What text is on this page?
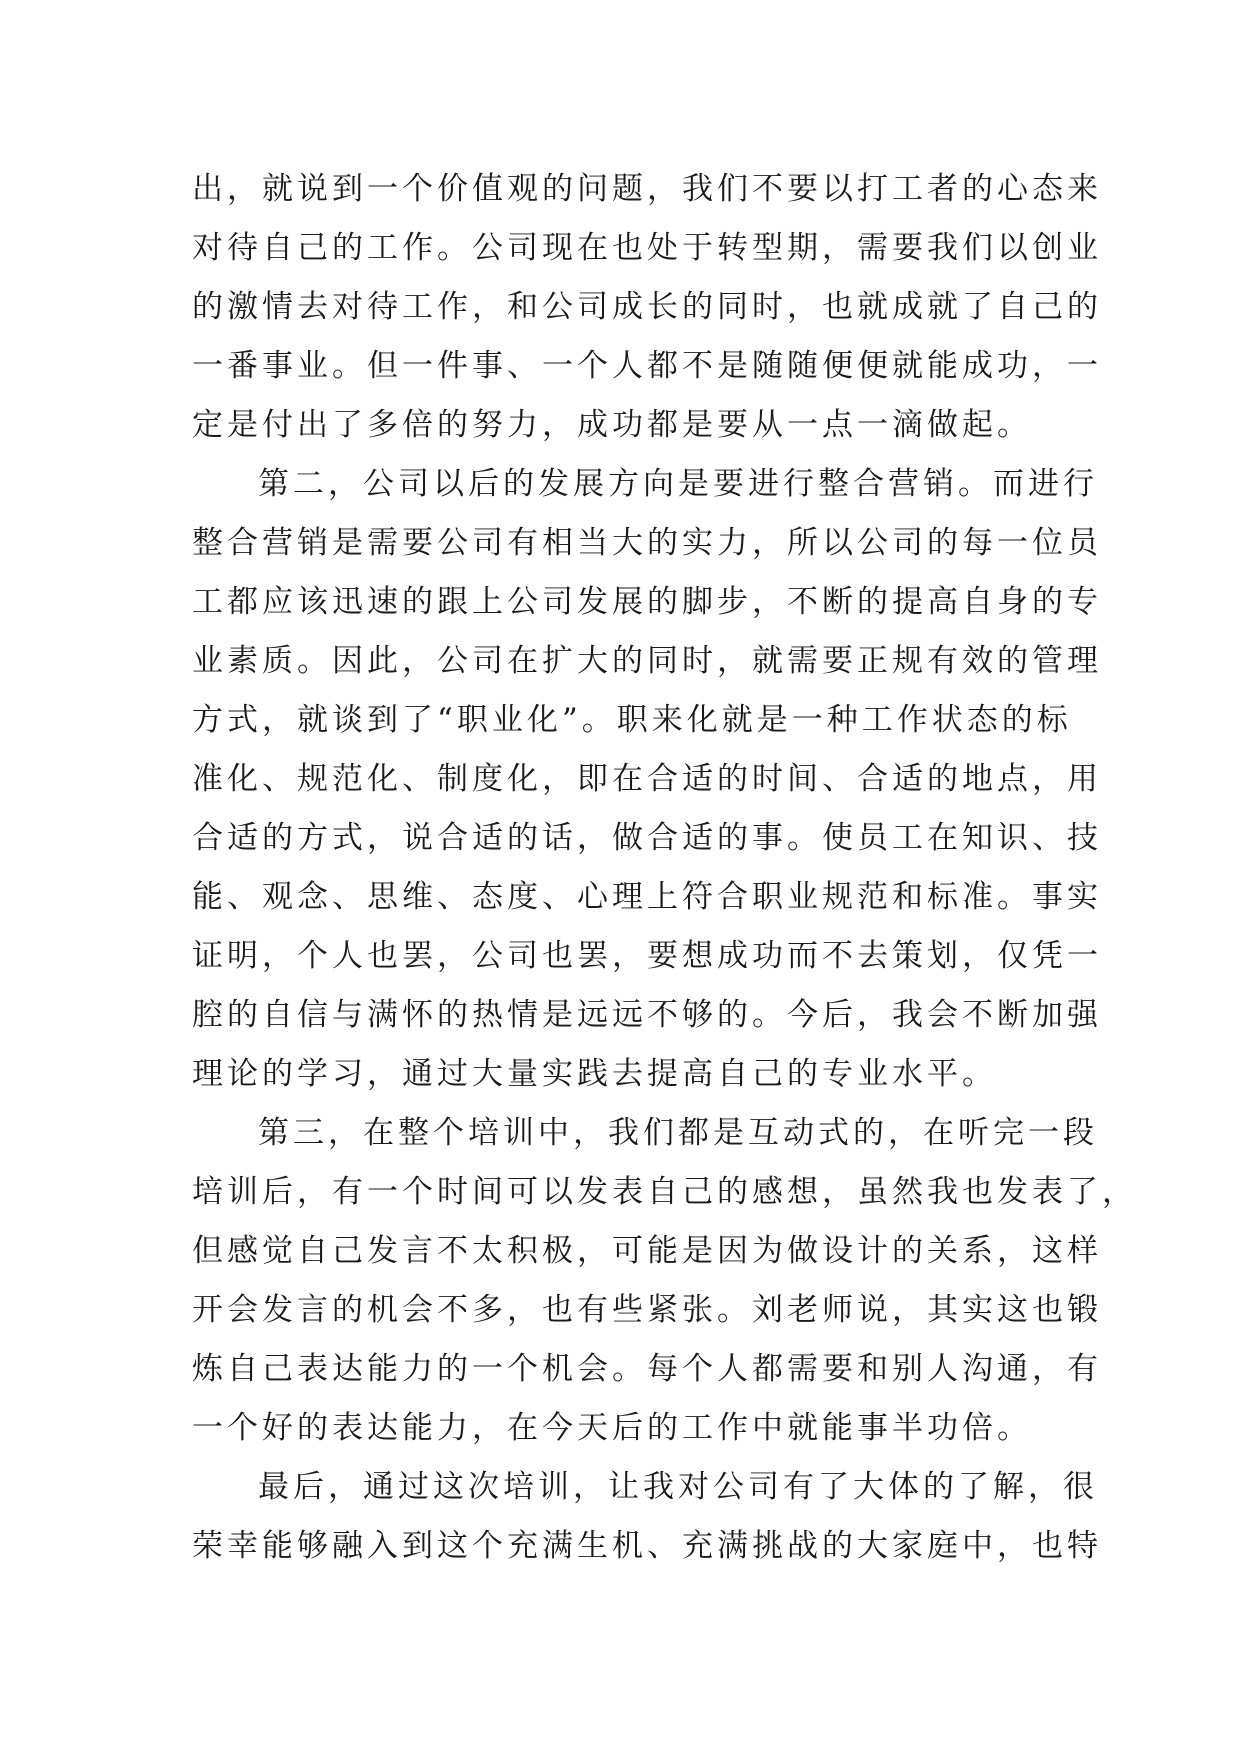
出，就说到一个价值观的问题，我们不要以打工者的心态来
对待自己的工作。公司现在也处于转型期，需要我们以创业
的激情去对待工作，和公司成长的同时，也就成就了自己的
一番事业。但一件事、一个人都不是随随便便就能成功，一
定是付出了多倍的努力，成功都是要从一点一滴做起。
第二，公司以后的发展方向是要进行整合营销。而进行
整合营销是需要公司有相当大的实力，所以公司的每一位员
工都应该迅速的跟上公司发展的脚步，不断的提高自身的专
业素质。因此，公司在扩大的同时，就需要正规有效的管理
方式，就谈到了“职业化”。职来化就是一种工作状态的标
准化、规范化、制度化，即在合适的时间、合适的地点，用
合适的方式，说合适的话，做合适的事。使员工在知识、技
能、观念、思维、态度、心理上符合职业规范和标准。事实
证明，个人也罢，公司也罢，要想成功而不去策划，仅凭一
腔的自信与满怀的热情是远远不够的。今后，我会不断加强
理论的学习，通过大量实践去提高自己的专业水平。
第三，在整个培训中，我们都是互动式的，在听完一段
培训后，有一个时间可以发表自己的感想，虽然我也发表了，
但感觉自己发言不太积极，可能是因为做设计的关系，这样
开会发言的机会不多，也有些紧张。刘老师说，其实这也锻
炼自己表达能力的一个机会。每个人都需要和别人沟通，有
一个好的表达能力，在今天后的工作中就能事半功倍。
最后，通过这次培训，让我对公司有了大体的了解，很
荣幸能够融入到这个充满生机、充满挑战的大家庭中，也特
